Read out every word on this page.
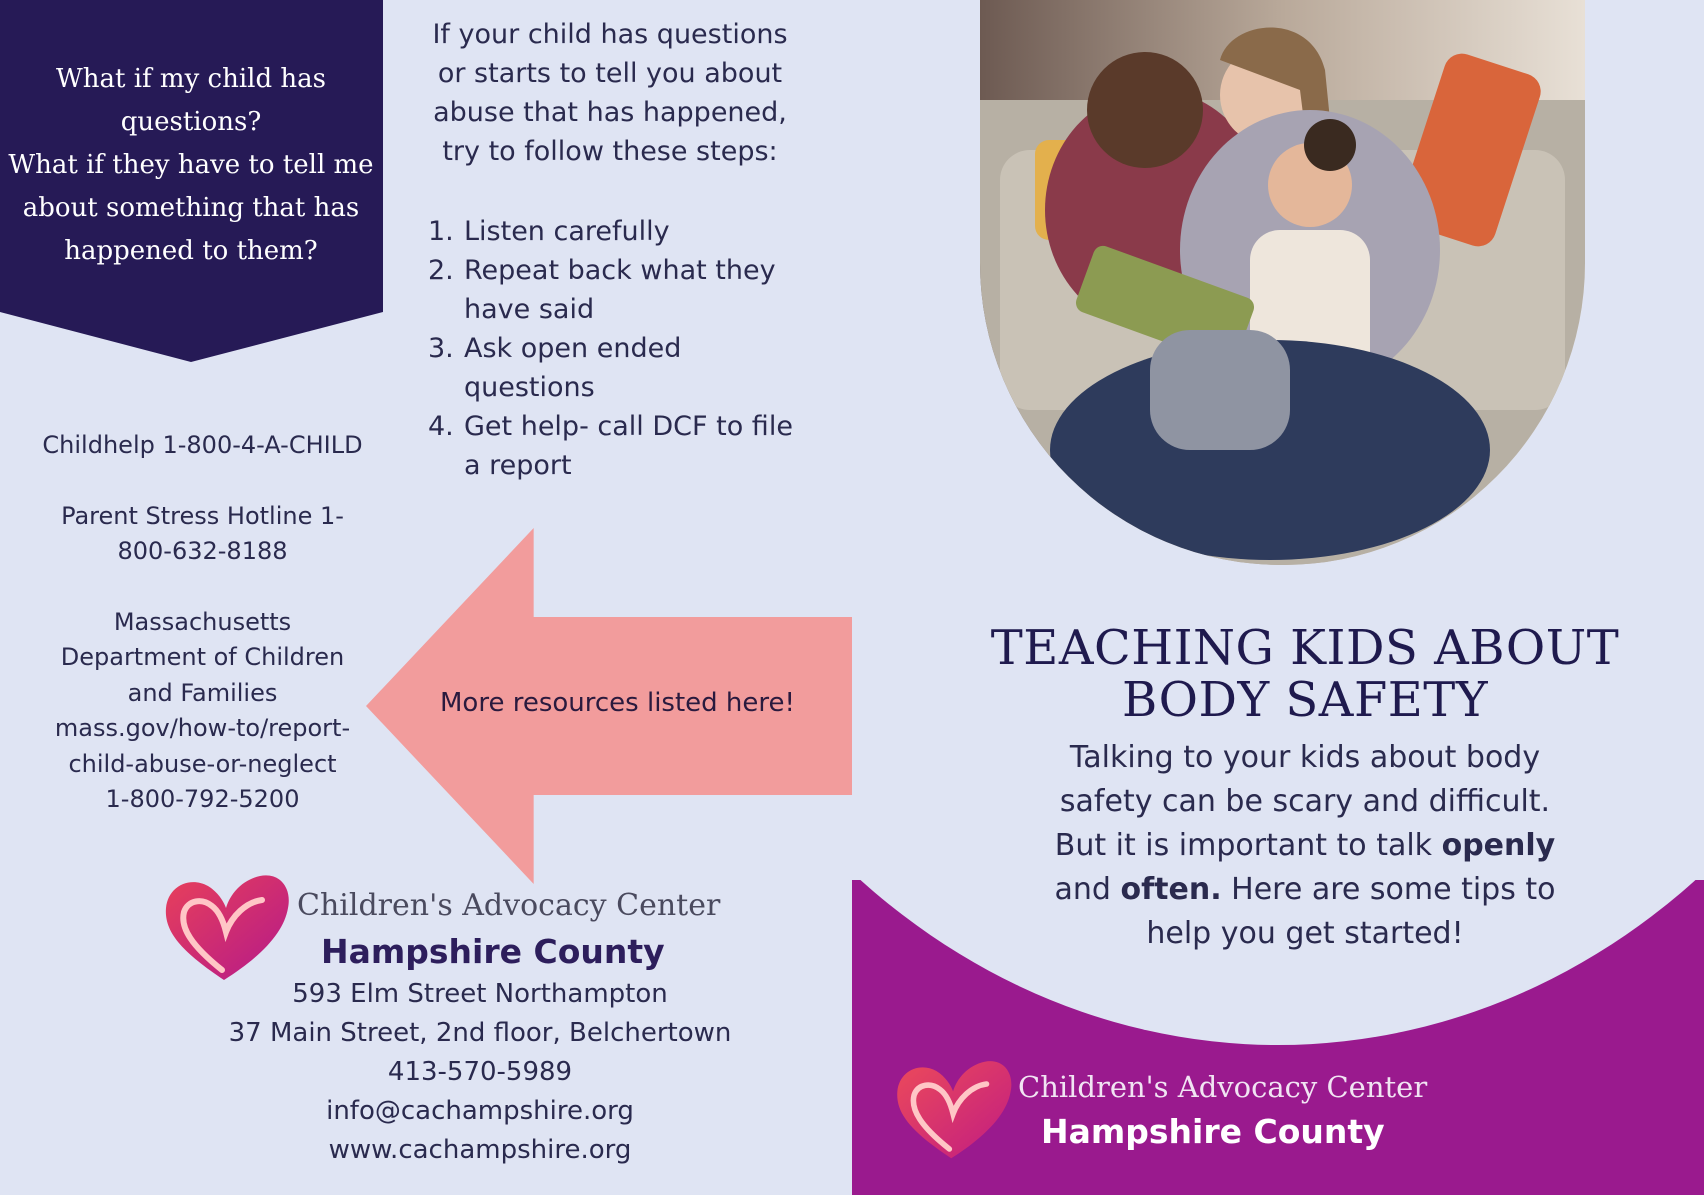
What if my child has
questions?
What if they have to tell me
about something that has
happened to them?
If your child has questions
or starts to tell you about
abuse that has happened,
try to follow these steps:
1. Listen carefully
2. Repeat back what they
have said
3. Ask open ended
questions
4. Get help- call DCF to file
a report

Childhelp 1-800-4-A-CHILD

Parent Stress Hotline 1-

800-632-8188

Massachusetts

Department of Children

and Families

mass.gov/how-to/report-

child-abuse-or-neglect

1-800-792-5200

More resources listed here!
Children's Advocacy Center
Hampshire County

593 Elm Street Northampton

37 Main Street, 2nd floor, Belchertown

413-570-5989

info@cachampshire.org

www.cachampshire.org

TEACHING KIDS ABOUT
BODY SAFETY
Talking to your kids about body
safety can be scary and difficult.
But it is important to talk openly
and often. Here are some tips to
help you get started!
Children's Advocacy Center
Hampshire County
